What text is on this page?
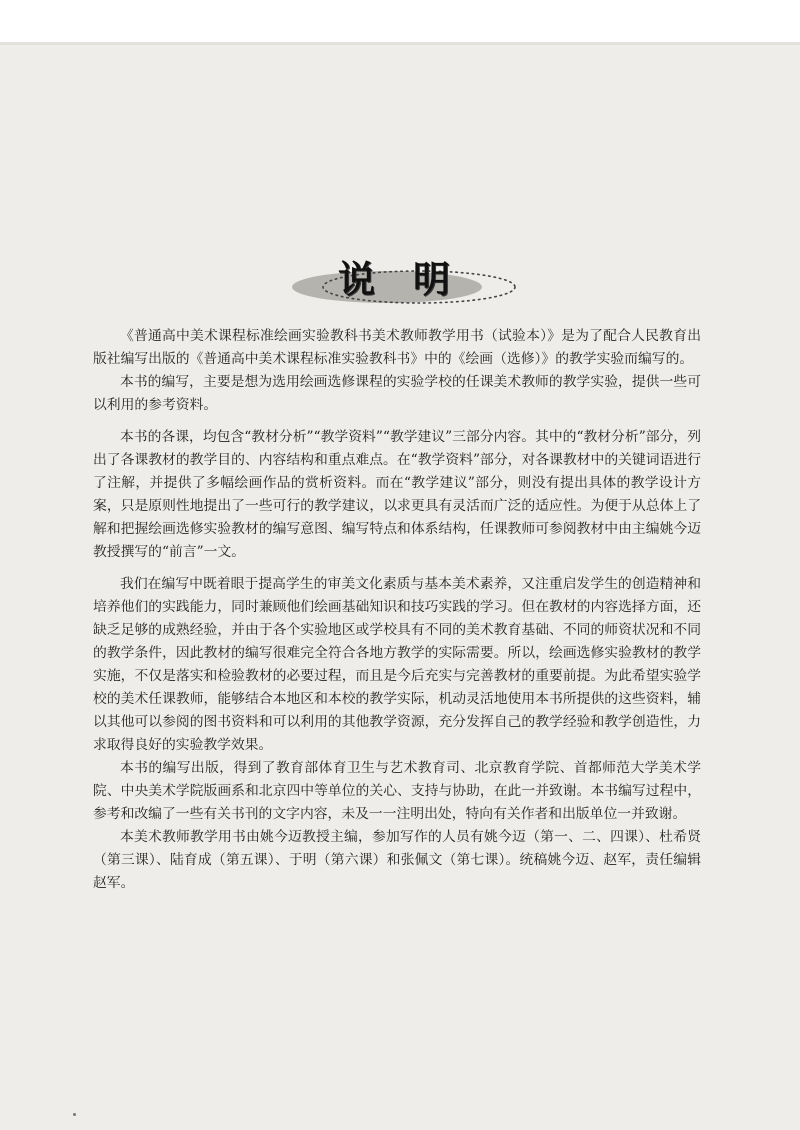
说明

《普通高中美术课程标准绘画实验教科书美术教师教学用书（试验本）》是为了配合人民教育出版社编写出版的《普通高中美术课程标准实验教科书》中的《绘画（选修）》的教学实验而编写的。

本书的编写，主要是想为选用绘画选修课程的实验学校的任课美术教师的教学实验，提供一些可以利用的参考资料。

本书的各课，均包含“教材分析”“教学资料”“教学建议”三部分内容。其中的“教材分析”部分，列出了各课教材的教学目的、内容结构和重点难点。在“教学资料”部分，对各课教材中的关键词语进行了注解，并提供了多幅绘画作品的赏析资料。而在“教学建议”部分，则没有提出具体的教学设计方案，只是原则性地提出了一些可行的教学建议，以求更具有灵活而广泛的适应性。为便于从总体上了解和把握绘画选修实验教材的编写意图、编写特点和体系结构，任课教师可参阅教材中由主编姚今迈教授撰写的“前言”一文。

我们在编写中既着眼于提高学生的审美文化素质与基本美术素养，又注重启发学生的创造精神和培养他们的实践能力，同时兼顾他们绘画基础知识和技巧实践的学习。但在教材的内容选择方面，还缺乏足够的成熟经验，并由于各个实验地区或学校具有不同的美术教育基础、不同的师资状况和不同的教学条件，因此教材的编写很难完全符合各地方教学的实际需要。所以，绘画选修实验教材的教学实施，不仅是落实和检验教材的必要过程，而且是今后充实与完善教材的重要前提。为此希望实验学校的美术任课教师，能够结合本地区和本校的教学实际，机动灵活地使用本书所提供的这些资料，辅以其他可以参阅的图书资料和可以利用的其他教学资源，充分发挥自己的教学经验和教学创造性，力求取得良好的实验教学效果。

本书的编写出版，得到了教育部体育卫生与艺术教育司、北京教育学院、首都师范大学美术学院、中央美术学院版画系和北京四中等单位的关心、支持与协助，在此一并致谢。本书编写过程中，参考和改编了一些有关书刊的文字内容，未及一一注明出处，特向有关作者和出版单位一并致谢。

本美术教师教学用书由姚今迈教授主编，参加写作的人员有姚今迈（第一、二、四课）、杜希贤（第三课）、陆育成（第五课）、于明（第六课）和张佩文（第七课）。统稿姚今迈、赵军，责任编辑赵军。
